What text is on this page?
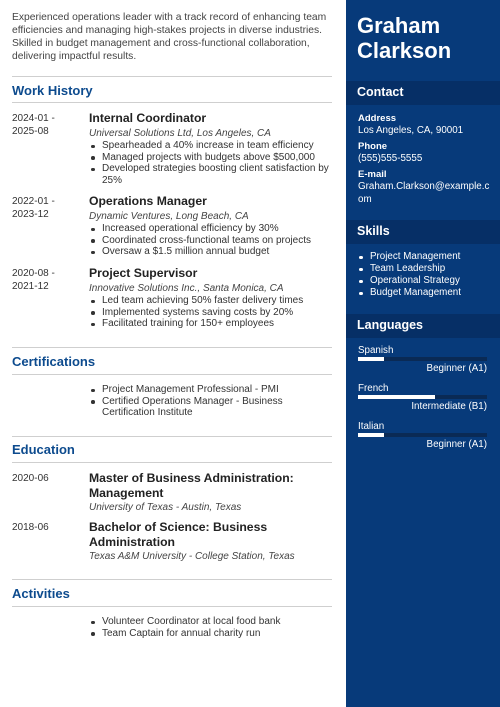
Experienced operations leader with a track record of enhancing team efficiencies and managing high-stakes projects in diverse industries. Skilled in budget management and cross-functional collaboration, delivering impactful results.

Work History
2024-01 -
2025-08
Internal Coordinator
Universal Solutions Ltd, Los Angeles, CA
Spearheaded a 40% increase in team efficiency
Managed projects with budgets above $500,000
Developed strategies boosting client satisfaction by 25%
2022-01 -
2023-12
Operations Manager
Dynamic Ventures, Long Beach, CA
Increased operational efficiency by 30%
Coordinated cross-functional teams on projects
Oversaw a $1.5 million annual budget
2020-08 -
2021-12
Project Supervisor
Innovative Solutions Inc., Santa Monica, CA
Led team achieving 50% faster delivery times
Implemented systems saving costs by 20%
Facilitated training for 150+ employees
Certifications
Project Management Professional - PMI
Certified Operations Manager - Business Certification Institute
Education
2020-06	Master of Business Administration: Management
University of Texas - Austin, Texas
2018-06	Bachelor of Science: Business Administration
Texas A&M University - College Station, Texas
Activities
Volunteer Coordinator at local food bank
Team Captain for annual charity run
Graham
Clarkson
Contact
Address
Los Angeles, CA, 90001
Phone
(555)555-5555
E-mail
Graham.Clarkson@example.com
Skills
Project Management
Team Leadership
Operational Strategy
Budget Management
Languages
Spanish
Beginner (A1)
French
Intermediate (B1)
Italian
Beginner (A1)
